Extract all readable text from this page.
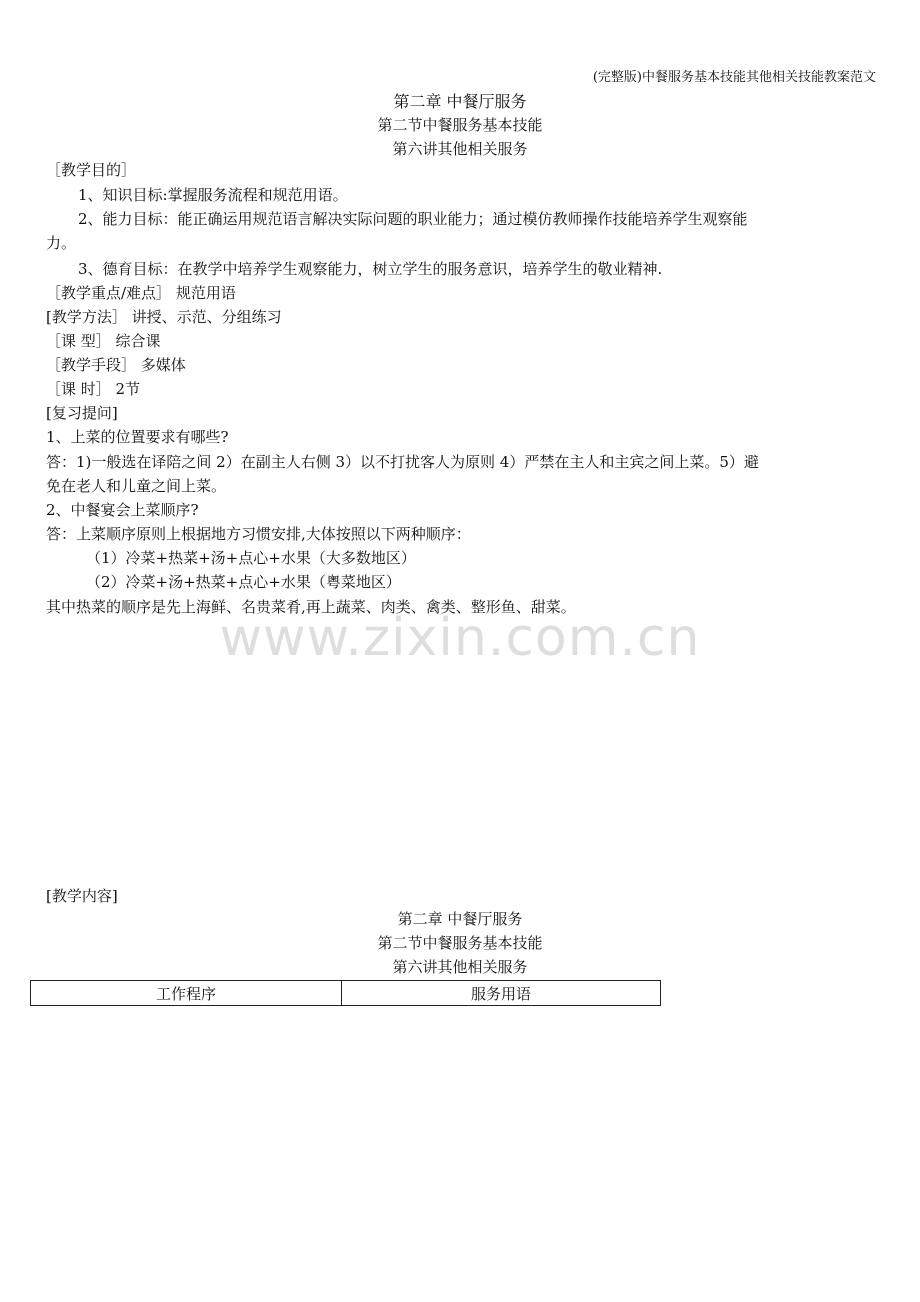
(完整版)中餐服务基本技能其他相关技能教案范文
第二章 中餐厅服务
第二节中餐服务基本技能
第六讲其他相关服务
［教学目的］
1、知识目标:掌握服务流程和规范用语。
2、能力目标：能正确运用规范语言解决实际问题的职业能力；通过模仿教师操作技能培养学生观察能
力。
3、德育目标：在教学中培养学生观察能力，树立学生的服务意识，培养学生的敬业精神.
［教学重点/难点］ 规范用语
[教学方法］ 讲授、示范、分组练习
［课 型］ 综合课
［教学手段］ 多媒体
［课 时］ 2节
[复习提问]
1、上菜的位置要求有哪些?
答：1)一般选在译陪之间 2）在副主人右侧 3）以不打扰客人为原则 4）严禁在主人和主宾之间上菜。5）避
免在老人和儿童之间上菜。
2、中餐宴会上菜顺序?
答：上菜顺序原则上根据地方习惯安排,大体按照以下两种顺序：
（1）冷菜+热菜+汤+点心+水果（大多数地区）
（2）冷菜+汤+热菜+点心+水果（粤菜地区）
其中热菜的顺序是先上海鲜、名贵菜肴,再上蔬菜、肉类、禽类、整形鱼、甜菜。
www.zixin.com.cn
[教学内容]
第二章 中餐厅服务
第二节中餐服务基本技能
第六讲其他相关服务
工作程序	服务用语
